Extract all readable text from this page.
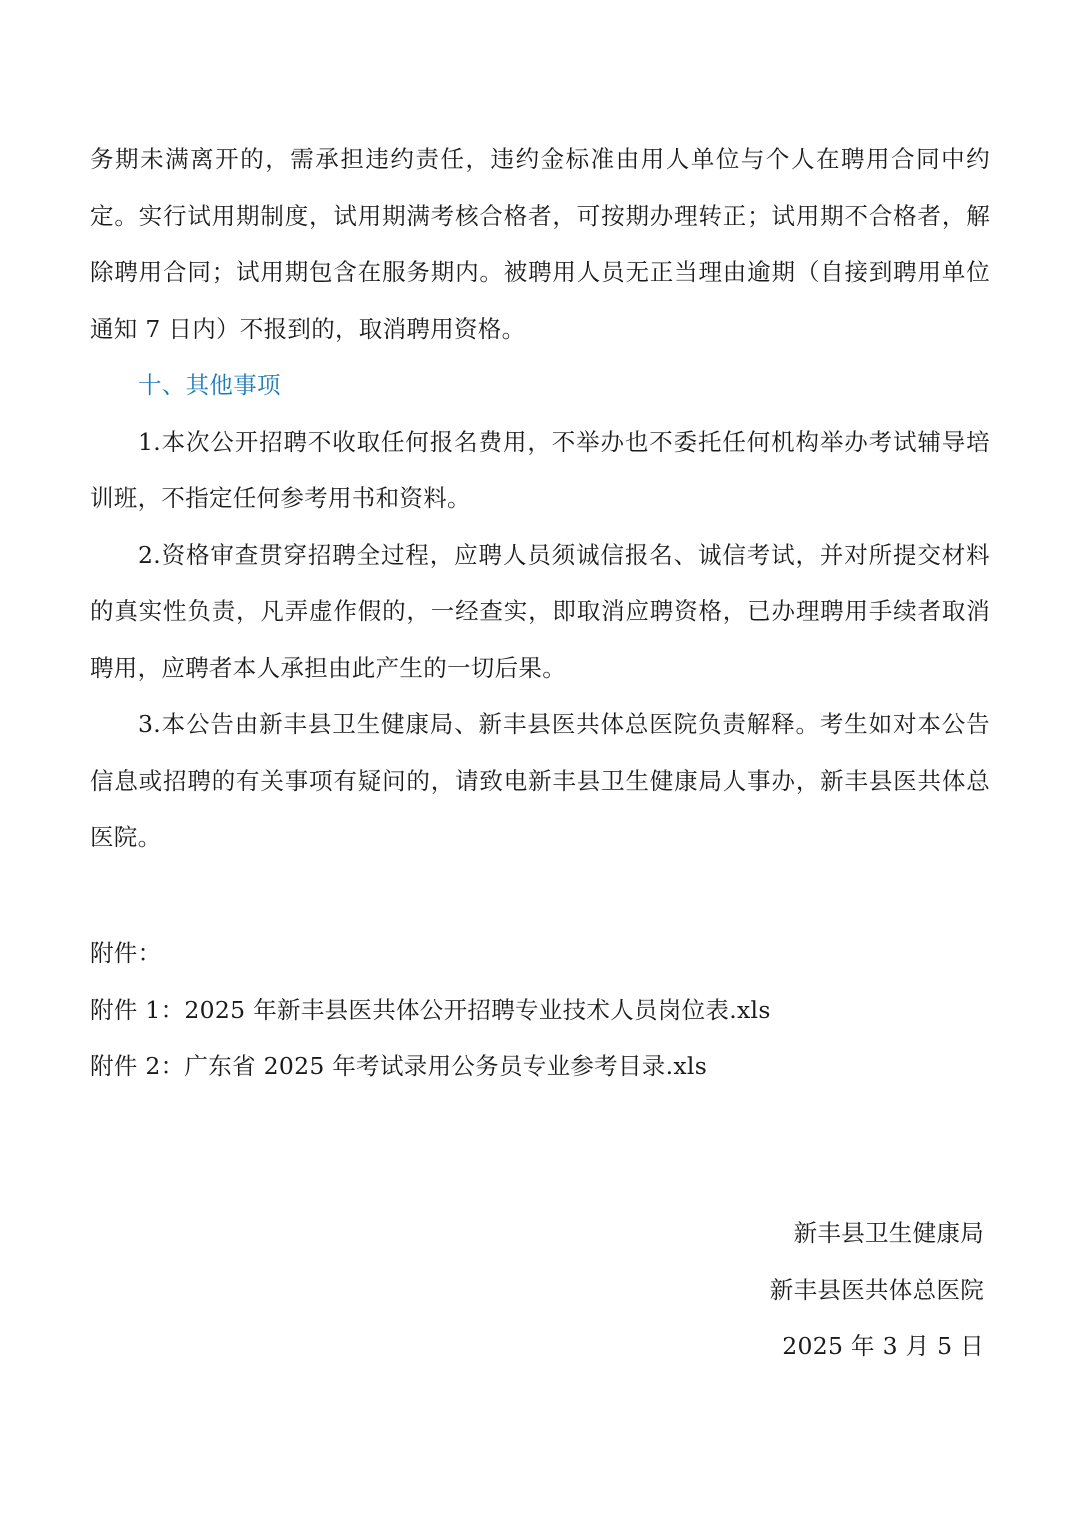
务期未满离开的，需承担违约责任，违约金标准由用人单位与个人在聘用合同中约定。实行试用期制度，试用期满考核合格者，可按期办理转正；试用期不合格者，解除聘用合同；试用期包含在服务期内。被聘用人员无正当理由逾期（自接到聘用单位通知 7 日内）不报到的，取消聘用资格。

十、其他事项

1.本次公开招聘不收取任何报名费用，不举办也不委托任何机构举办考试辅导培训班，不指定任何参考用书和资料。

2.资格审查贯穿招聘全过程，应聘人员须诚信报名、诚信考试，并对所提交材料的真实性负责，凡弄虚作假的，一经查实，即取消应聘资格，已办理聘用手续者取消聘用，应聘者本人承担由此产生的一切后果。

3.本公告由新丰县卫生健康局、新丰县医共体总医院负责解释。考生如对本公告信息或招聘的有关事项有疑问的，请致电新丰县卫生健康局人事办，新丰县医共体总医院。

附件：

附件 1：2025 年新丰县医共体公开招聘专业技术人员岗位表.xls

附件 2：广东省 2025 年考试录用公务员专业参考目录.xls

新丰县卫生健康局
新丰县医共体总医院
2025 年 3 月 5 日
